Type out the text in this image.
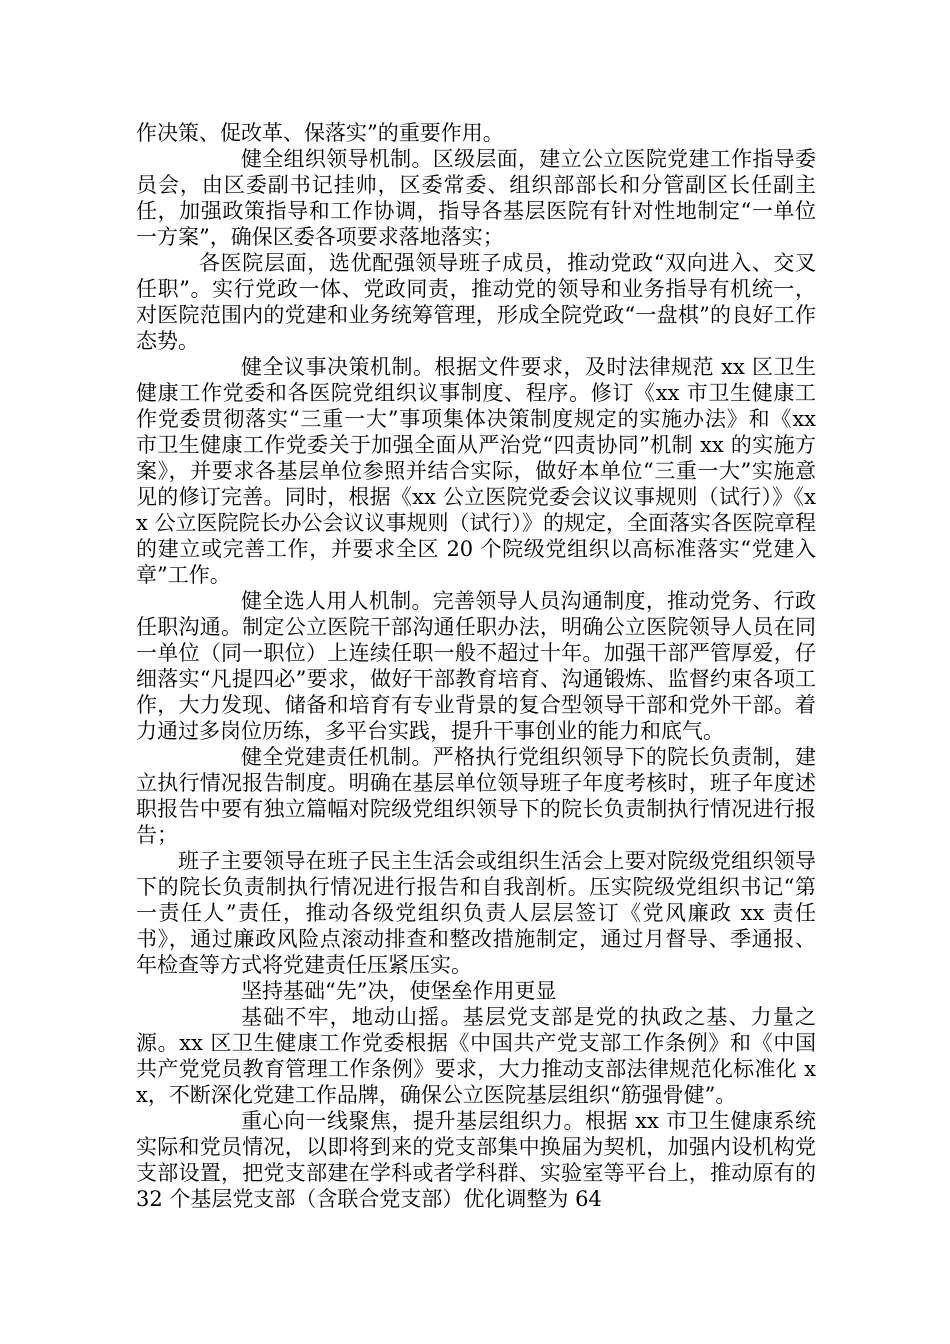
作决策、促改革、保落实”的重要作用。

健全组织领导机制。区级层面，建立公立医院党建工作指导委员会，由区委副书记挂帅，区委常委、组织部部长和分管副区长任副主任，加强政策指导和工作协调，指导各基层医院有针对性地制定“一单位一方案”，确保区委各项要求落地落实；

各医院层面，选优配强领导班子成员，推动党政“双向进入、交叉任职”。实行党政一体、党政同责，推动党的领导和业务指导有机统一，对医院范围内的党建和业务统筹管理，形成全院党政“一盘棋”的良好工作态势。

健全议事决策机制。根据文件要求，及时法律规范 xx 区卫生健康工作党委和各医院党组织议事制度、程序。修订《xx 市卫生健康工作党委贯彻落实“三重一大”事项集体决策制度规定的实施办法》和《xx 市卫生健康工作党委关于加强全面从严治党“四责协同”机制 xx 的实施方案》，并要求各基层单位参照并结合实际，做好本单位“三重一大”实施意见的修订完善。同时，根据《xx 公立医院党委会议议事规则（试行）》《xx 公立医院院长办公会议议事规则（试行）》的规定，全面落实各医院章程的建立或完善工作，并要求全区 20 个院级党组织以高标准落实“党建入章”工作。

健全选人用人机制。完善领导人员沟通制度，推动党务、行政任职沟通。制定公立医院干部沟通任职办法，明确公立医院领导人员在同一单位（同一职位）上连续任职一般不超过十年。加强干部严管厚爱，仔细落实“凡提四必”要求，做好干部教育培育、沟通锻炼、监督约束各项工作，大力发现、储备和培育有专业背景的复合型领导干部和党外干部。着力通过多岗位历练，多平台实践，提升干事创业的能力和底气。

健全党建责任机制。严格执行党组织领导下的院长负责制，建立执行情况报告制度。明确在基层单位领导班子年度考核时，班子年度述职报告中要有独立篇幅对院级党组织领导下的院长负责制执行情况进行报告；

班子主要领导在班子民主生活会或组织生活会上要对院级党组织领导下的院长负责制执行情况进行报告和自我剖析。压实院级党组织书记“第一责任人”责任，推动各级党组织负责人层层签订《党风廉政 xx 责任书》，通过廉政风险点滚动排查和整改措施制定，通过月督导、季通报、年检查等方式将党建责任压紧压实。

坚持基础“先”决，使堡垒作用更显

基础不牢，地动山摇。基层党支部是党的执政之基、力量之源。xx 区卫生健康工作党委根据《中国共产党支部工作条例》和《中国共产党党员教育管理工作条例》要求，大力推动支部法律规范化标准化 xx，不断深化党建工作品牌，确保公立医院基层组织“筋强骨健”。

重心向一线聚焦，提升基层组织力。根据 xx 市卫生健康系统实际和党员情况，以即将到来的党支部集中换届为契机，加强内设机构党支部设置，把党支部建在学科或者学科群、实验室等平台上，推动原有的 32 个基层党支部（含联合党支部）优化调整为 64
